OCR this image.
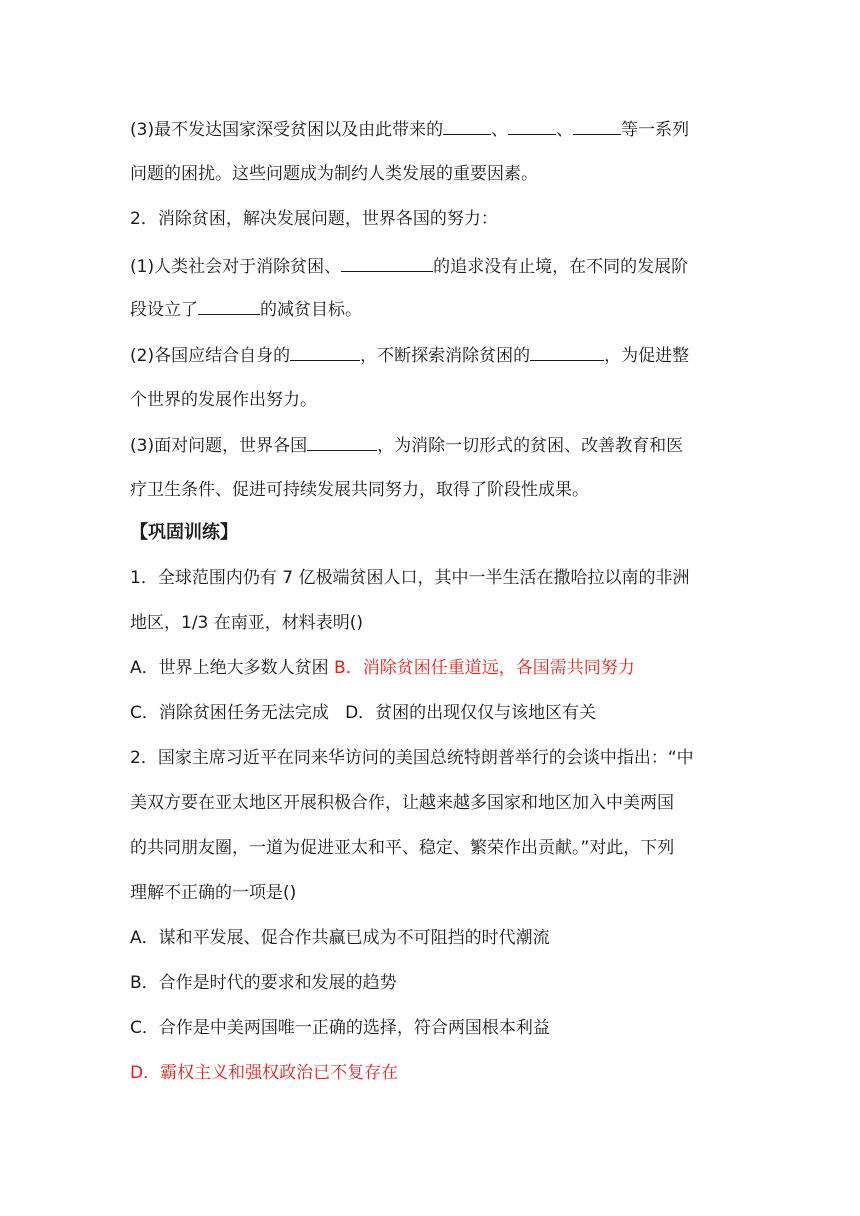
(3)最不发达国家深受贫困以及由此带来的	、	、	等一系列
问题的困扰。这些问题成为制约人类发展的重要因素。
2．消除贫困，解决发展问题，世界各国的努力：
(1)人类社会对于消除贫困、	的追求没有止境，在不同的发展阶
段设立了	的减贫目标。
(2)各国应结合自身的	，不断探索消除贫困的	，为促进整
个世界的发展作出努力。
(3)面对问题，世界各国	，为消除一切形式的贫困、改善教育和医
疗卫生条件、促进可持续发展共同努力，取得了阶段性成果。
【巩固训练】
1．全球范围内仍有 7 亿极端贫困人口，其中一半生活在撒哈拉以南的非洲
地区，1/3 在南亚，材料表明()
A．世界上绝大多数人贫困 B．消除贫困任重道远，各国需共同努力
C．消除贫困任务无法完成 D．贫困的出现仅仅与该地区有关
2．国家主席习近平在同来华访问的美国总统特朗普举行的会谈中指出：“中
美双方要在亚太地区开展积极合作，让越来越多国家和地区加入中美两国
的共同朋友圈，一道为促进亚太和平、稳定、繁荣作出贡献。”对此，下列
理解不正确的一项是()
A．谋和平发展、促合作共赢已成为不可阻挡的时代潮流
B．合作是时代的要求和发展的趋势
C．合作是中美两国唯一正确的选择，符合两国根本利益
D．霸权主义和强权政治已不复存在
